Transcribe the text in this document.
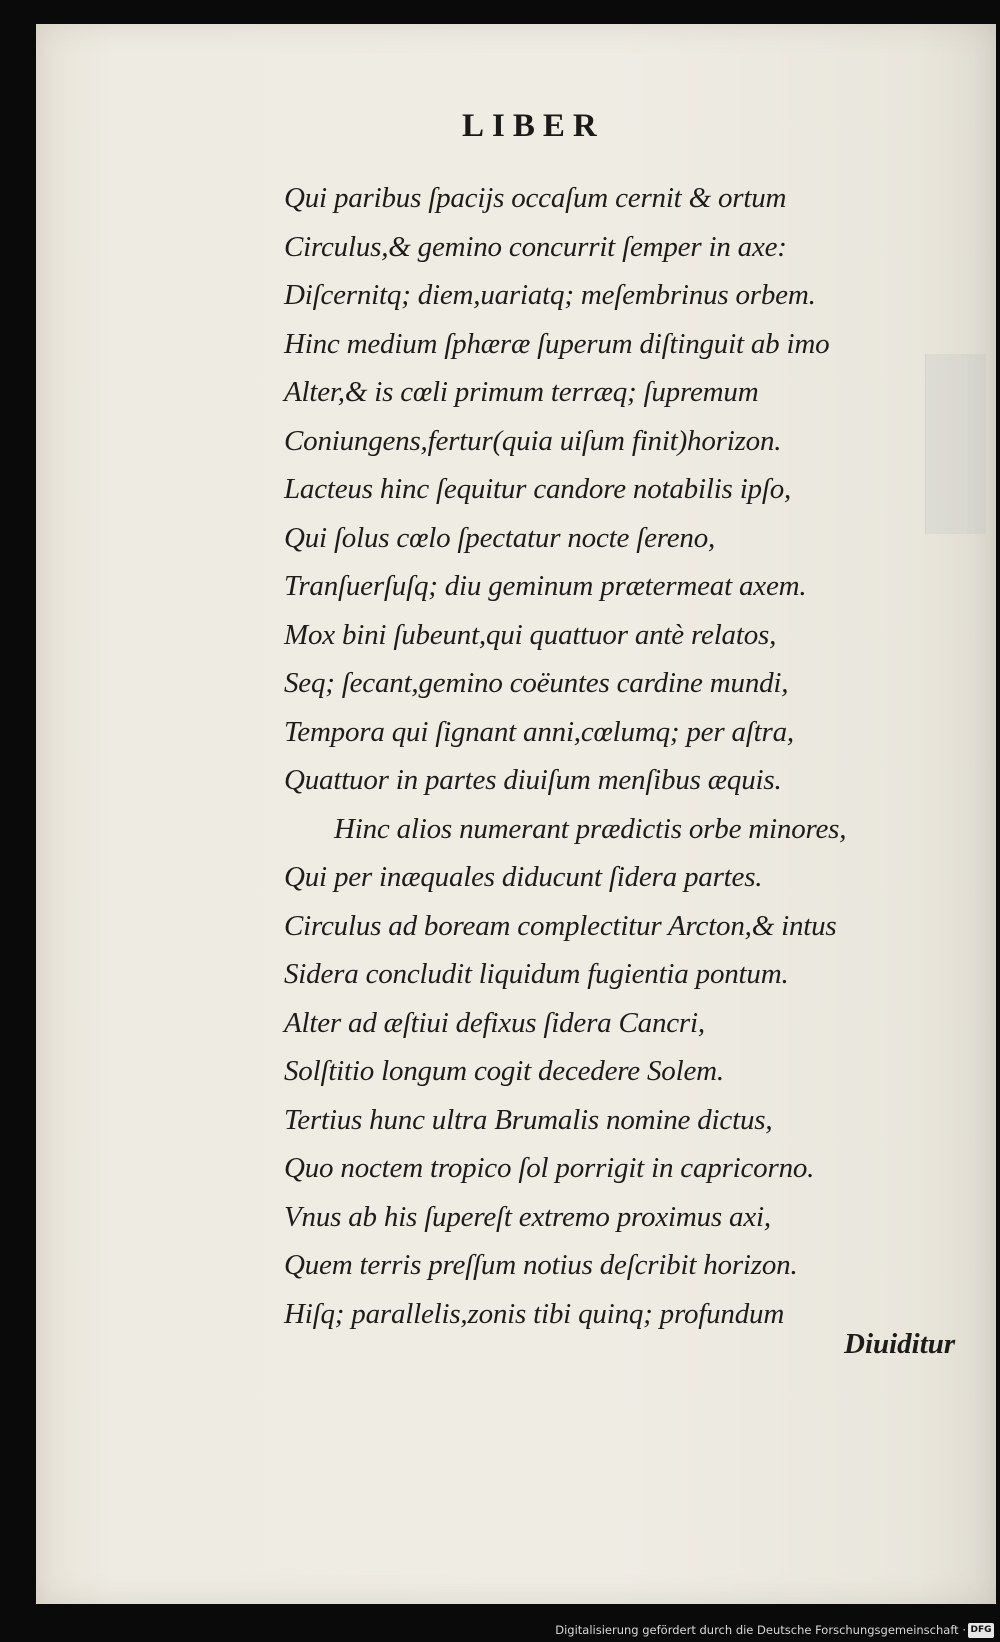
LIBER
Qui paribus ſpacijs occaſum cernit & ortum
Circulus,& gemino concurrit ſemper in axe:
Diſcernitq; diem,uariatq; meſembrinus orbem.
Hinc medium ſphæræ ſuperum diſtinguit ab imo
Alter,& is cœli primum terræq; ſupremum
Coniungens,fertur(quia uiſum finit)horizon.
Lacteus hinc ſequitur candore notabilis ipſo,
Qui ſolus cœlo ſpectatur nocte ſereno,
Tranſuerſuſq; diu geminum prætermeat axem.
Mox bini ſubeunt,qui quattuor antè relatos,
Seq; ſecant,gemino coëuntes cardine mundi,
Tempora qui ſignant anni,cœlumq; per aſtra,
Quattuor in partes diuiſum menſibus æquis.
Hinc alios numerant prædictis orbe minores,
Qui per inæquales diducunt ſidera partes.
Circulus ad boream complectitur Arcton,& intus
Sidera concludit liquidum fugientia pontum.
Alter ad æſtiui defixus ſidera Cancri,
Solſtitio longum cogit decedere Solem.
Tertius hunc ultra Brumalis nomine dictus,
Quo noctem tropico ſol porrigit in capricorno.
Vnus ab his ſupereſt extremo proximus axi,
Quem terris preſſum notius deſcribit horizon.
Hiſq; parallelis,zonis tibi quinq; profundum
Diuiditur
Digitalisierung gefördert durch die Deutsche Forschungsgemeinschaft · DFG
